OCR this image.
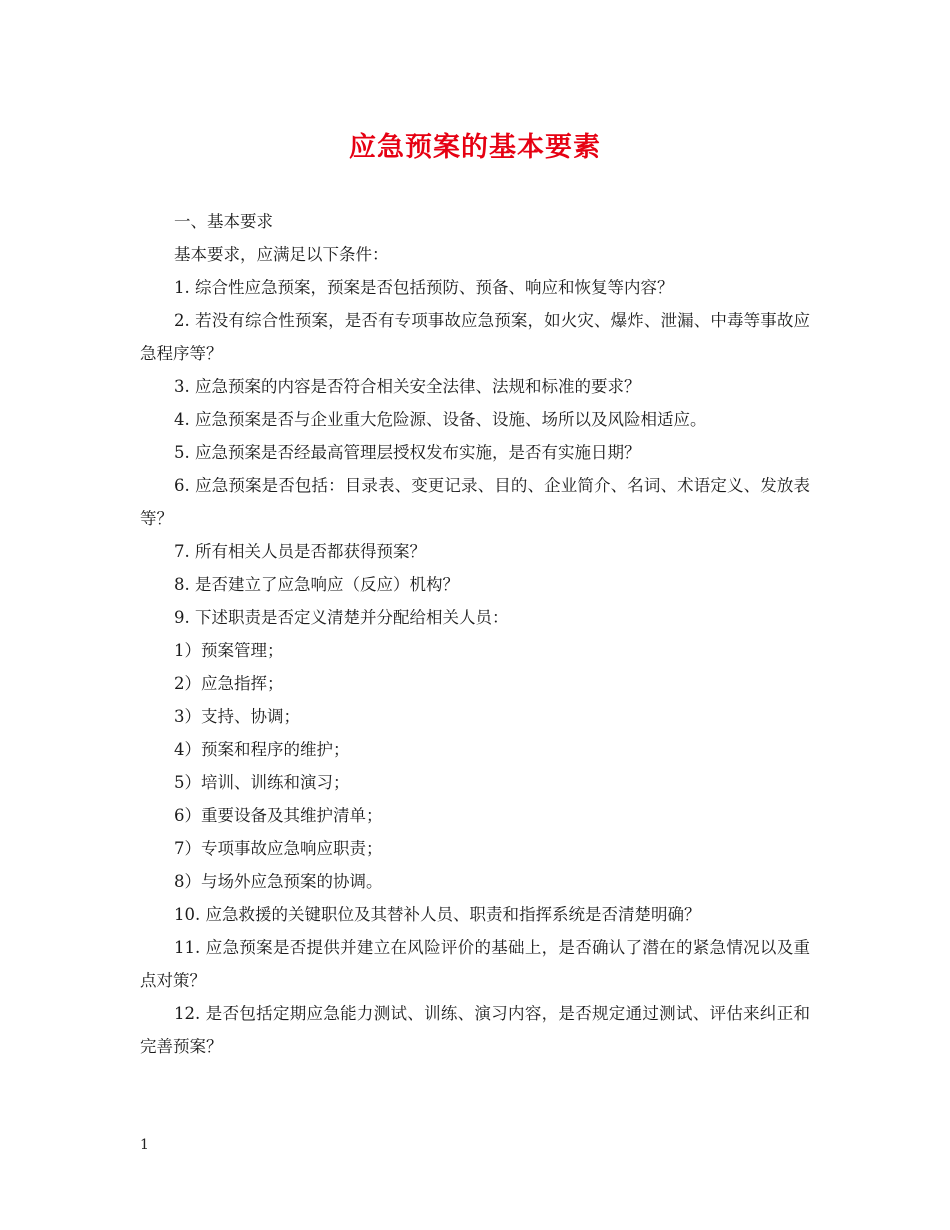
应急预案的基本要素

一、基本要求

基本要求，应满足以下条件：

1. 综合性应急预案，预案是否包括预防、预备、响应和恢复等内容？

2. 若没有综合性预案，是否有专项事故应急预案，如火灾、爆炸、泄漏、中毒等事故应急程序等？

3. 应急预案的内容是否符合相关安全法律、法规和标准的要求？

4. 应急预案是否与企业重大危险源、设备、设施、场所以及风险相适应。

5. 应急预案是否经最高管理层授权发布实施，是否有实施日期？

6. 应急预案是否包括：目录表、变更记录、目的、企业简介、名词、术语定义、发放表等？

7. 所有相关人员是否都获得预案？

8. 是否建立了应急响应（反应）机构？

9. 下述职责是否定义清楚并分配给相关人员：

1）预案管理；

2）应急指挥；

3）支持、协调；

4）预案和程序的维护；

5）培训、训练和演习；

6）重要设备及其维护清单；

7）专项事故应急响应职责；

8）与场外应急预案的协调。

10. 应急救援的关键职位及其替补人员、职责和指挥系统是否清楚明确？

11. 应急预案是否提供并建立在风险评价的基础上，是否确认了潜在的紧急情况以及重点对策？

12. 是否包括定期应急能力测试、训练、演习内容，是否规定通过测试、评估来纠正和完善预案？

1
